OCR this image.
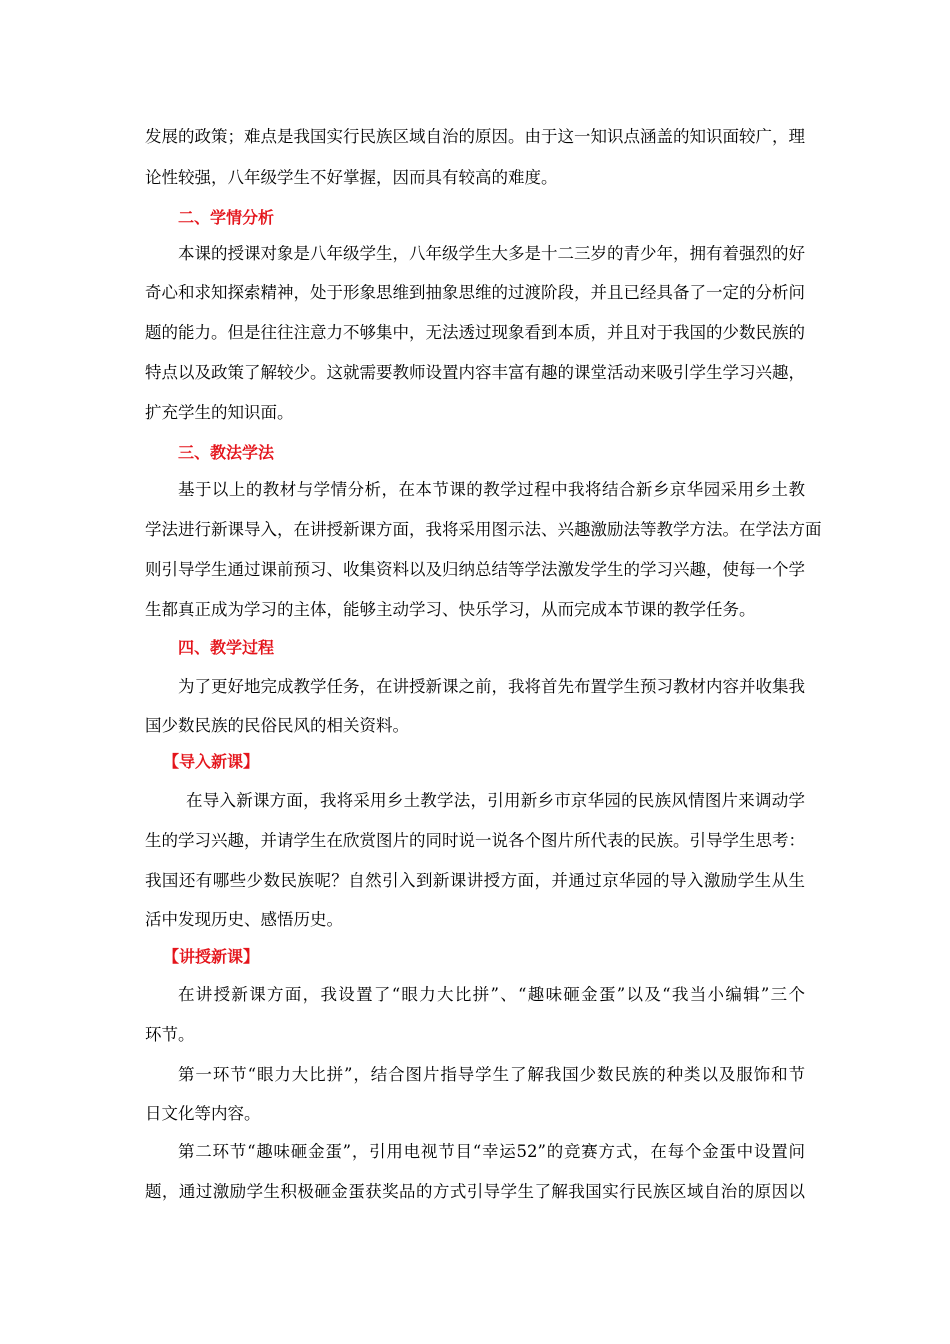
发展的政策；难点是我国实行民族区域自治的原因。由于这一知识点涵盖的知识面较广，理
论性较强，八年级学生不好掌握，因而具有较高的难度。
二、学情分析
本课的授课对象是八年级学生，八年级学生大多是十二三岁的青少年，拥有着强烈的好
奇心和求知探索精神，处于形象思维到抽象思维的过渡阶段，并且已经具备了一定的分析问
题的能力。但是往往注意力不够集中，无法透过现象看到本质，并且对于我国的少数民族的
特点以及政策了解较少。这就需要教师设置内容丰富有趣的课堂活动来吸引学生学习兴趣，
扩充学生的知识面。
三、教法学法
基于以上的教材与学情分析，在本节课的教学过程中我将结合新乡京华园采用乡土教
学法进行新课导入，在讲授新课方面，我将采用图示法、兴趣激励法等教学方法。在学法方面
则引导学生通过课前预习、收集资料以及归纳总结等学法激发学生的学习兴趣，使每一个学
生都真正成为学习的主体，能够主动学习、快乐学习，从而完成本节课的教学任务。
四、教学过程
为了更好地完成教学任务，在讲授新课之前，我将首先布置学生预习教材内容并收集我
国少数民族的民俗民风的相关资料。
【导入新课】
在导入新课方面，我将采用乡土教学法，引用新乡市京华园的民族风情图片来调动学
生的学习兴趣，并请学生在欣赏图片的同时说一说各个图片所代表的民族。引导学生思考：
我国还有哪些少数民族呢？自然引入到新课讲授方面，并通过京华园的导入激励学生从生
活中发现历史、感悟历史。
【讲授新课】
在讲授新课方面，我设置了“眼力大比拼”、“趣味砸金蛋”以及“我当小编辑”三个
环节。
第一环节“眼力大比拼”，结合图片指导学生了解我国少数民族的种类以及服饰和节
日文化等内容。
第二环节“趣味砸金蛋”，引用电视节目“幸运52”的竞赛方式，在每个金蛋中设置问
题，通过激励学生积极砸金蛋获奖品的方式引导学生了解我国实行民族区域自治的原因以
